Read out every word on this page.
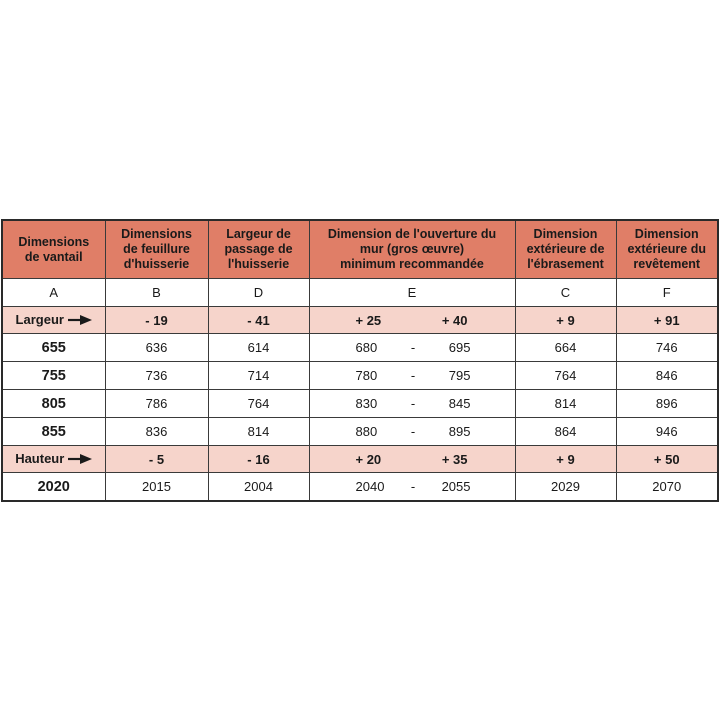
Dimensions
de vantail	Dimensions
de feuillure
d'huisserie	Largeur de
passage de
l'huisserie	Dimension de l'ouverture du
mur (gros œuvre)
minimum recommandée	Dimension
extérieure de
l'ébrasement	Dimension
extérieure du
revêtement
A	B	D	E	C	F
Largeur	- 19	- 41	+ 25 + 40	+ 9	+ 91
655	636	614	680 - 695	664	746
755	736	714	780 - 795	764	846
805	786	764	830 - 845	814	896
855	836	814	880 - 895	864	946
Hauteur	- 5	- 16	+ 20 + 35	+ 9	+ 50
2020	2015	2004	2040 - 2055	2029	2070
